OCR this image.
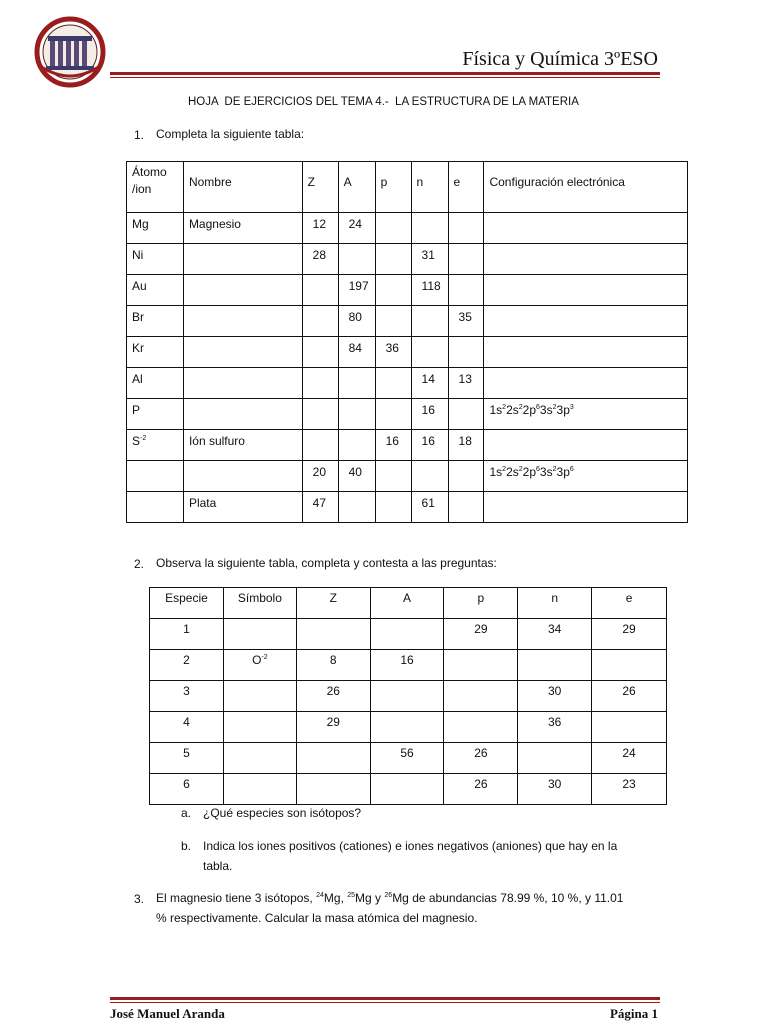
Física y Química 3ºESO
HOJA  DE EJERCICIOS DEL TEMA 4.-  LA ESTRUCTURA DE LA MATERIA
1. Completa la siguiente tabla:
Átomo /ion	Nombre	Z	A	p	n	e	Configuración electrónica
Mg	Magnesio	12	24				
Ni		28			31		
Au			197		118		
Br			80			35	
Kr			84	36			
Al					14	13	
P					16		$1s^22s^22p^63s^23p^3$
$S^{-2}$	Ión sulfuro			16	16	18	
		20	40				$1s^22s^22p^63s^23p^6$
	Plata	47			61		
2. Observa la siguiente tabla, completa y contesta a las preguntas:
Especie	Símbolo	Z	A	p	n	e
1				29	34	29
2	$O^{-2}$	8	16			
3		26			30	26
4		29			36	
5			56	26		24
6				26	30	23
a. ¿Qué especies son isótopos?
b. Indica los iones positivos (cationes) e iones negativos (aniones) que hay en la
tabla.
3. El magnesio tiene 3 isótopos, $^{24}$Mg, $^{25}$Mg y $^{26}$Mg de abundancias 78.99 %, 10 %, y 11.01
% respectivamente. Calcular la masa atómica del magnesio.
José Manuel Aranda	Página 1
